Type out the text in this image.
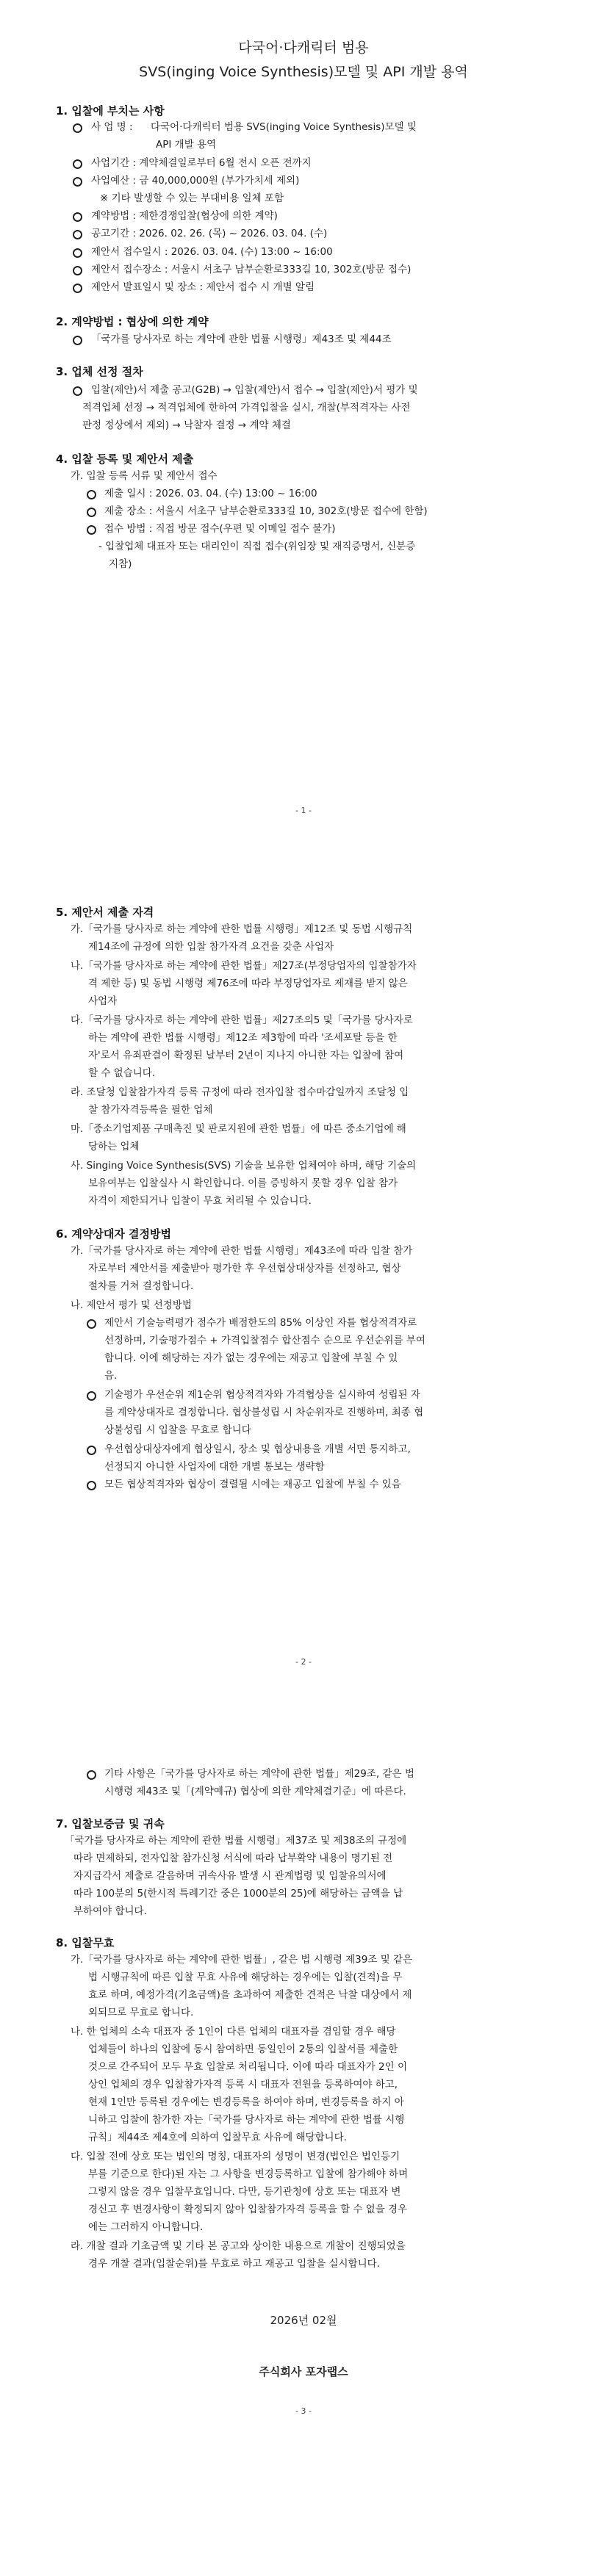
다국어·다캐릭터 범용
SVS(inging Voice Synthesis)모델 및 API 개발 용역
1. 입찰에 부치는 사항
사 업 명 : 다국어·다캐릭터 범용 SVS(inging Voice Synthesis)모델 및
API 개발 용역
사업기간 : 계약체결일로부터 6월 전시 오픈 전까지
사업예산 : 금 40,000,000원 (부가가치세 제외)
※ 기타 발생할 수 있는 부대비용 일체 포함
계약방법 : 제한경쟁입찰(협상에 의한 계약)
공고기간 : 2026. 02. 26. (목) ~ 2026. 03. 04. (수)
제안서 접수일시 : 2026. 03. 04. (수) 13:00 ~ 16:00
제안서 접수장소 : 서울시 서초구 남부순환로333길 10, 302호(방문 접수)
제안서 발표일시 및 장소 : 제안서 접수 시 개별 알림
2. 계약방법 : 협상에 의한 계약
「국가를 당사자로 하는 계약에 관한 법률 시행령」제43조 및 제44조
3. 업체 선정 절차
입찰(제안)서 제출 공고(G2B) → 입찰(제안)서 접수 → 입찰(제안)서 평가 및
적격업체 선정 → 적격업체에 한하여 가격입찰을 실시, 개찰(부적격자는 사전
판정 정상에서 제외) → 낙찰자 결정 → 계약 체결
4. 입찰 등록 및 제안서 제출
가. 입찰 등록 서류 및 제안서 접수
제출 일시 : 2026. 03. 04. (수) 13:00 ~ 16:00
제출 장소 : 서울시 서초구 남부순환로333길 10, 302호(방문 접수에 한함)
접수 방법 : 직접 방문 접수(우편 및 이메일 접수 불가)
- 입찰업체 대표자 또는 대리인이 직접 접수(위임장 및 재직증명서, 신분증
지참)
- 1 -
5. 제안서 제출 자격
가.「국가를 당사자로 하는 계약에 관한 법률 시행령」제12조 및 동법 시행규칙
제14조에 규정에 의한 입찰 참가자격 요건을 갖춘 사업자
나.「국가를 당사자로 하는 계약에 관한 법률」제27조(부정당업자의 입찰참가자
격 제한 등) 및 동법 시행령 제76조에 따라 부정당업자로 제재를 받지 않은
사업자
다.「국가를 당사자로 하는 계약에 관한 법률」제27조의5 및「국가를 당사자로
하는 계약에 관한 법률 시행령」제12조 제3항에 따라 '조세포탈 등을 한
자'로서 유죄판결이 확정된 날부터 2년이 지나지 아니한 자는 입찰에 참여
할 수 없습니다.
라. 조달청 입찰참가자격 등록 규정에 따라 전자입찰 접수마감일까지 조달청 입
찰 참가자격등록을 필한 업체
마.「중소기업제품 구매촉진 및 판로지원에 관한 법률」에 따른 중소기업에 해
당하는 업체
사. Singing Voice Synthesis(SVS) 기술을 보유한 업체여야 하며, 해당 기술의
보유여부는 입찰실사 시 확인합니다. 이를 증빙하지 못할 경우 입찰 참가
자격이 제한되거나 입찰이 무효 처리될 수 있습니다.
6. 계약상대자 결정방법
가.「국가를 당사자로 하는 계약에 관한 법률 시행령」제43조에 따라 입찰 참가
자로부터 제안서를 제출받아 평가한 후 우선협상대상자를 선정하고, 협상
절차를 거쳐 결정합니다.
나. 제안서 평가 및 선정방법
제안서 기술능력평가 점수가 배점한도의 85% 이상인 자를 협상적격자로
선정하며, 기술평가점수 + 가격입찰점수 합산점수 순으로 우선순위를 부여
합니다. 이에 해당하는 자가 없는 경우에는 재공고 입찰에 부칠 수 있
음.
기술평가 우선순위 제1순위 협상적격자와 가격협상을 실시하여 성립된 자
를 계약상대자로 결정합니다. 협상불성립 시 차순위자로 진행하며, 최종 협
상불성립 시 입찰을 무효로 합니다
우선협상대상자에게 협상일시, 장소 및 협상내용을 개별 서면 통지하고,
선정되지 아니한 사업자에 대한 개별 통보는 생략함
모든 협상적격자와 협상이 결렬될 시에는 재공고 입찰에 부칠 수 있음
- 2 -
기타 사항은「국가를 당사자로 하는 계약에 관한 법률」제29조, 같은 법
시행령 제43조 및「(계약예규) 협상에 의한 계약체결기준」에 따른다.
7. 입찰보증금 및 귀속
「국가를 당사자로 하는 계약에 관한 법률 시행령」제37조 및 제38조의 규정에
따라 면제하되, 전자입찰 참가신청 서식에 따라 납부확약 내용이 명기된 전
자지급각서 제출로 갈음하며 귀속사유 발생 시 관계법령 및 입찰유의서에
따라 100분의 5(한시적 특례기간 중은 1000분의 25)에 해당하는 금액을 납
부하여야 합니다.
8. 입찰무효
가.「국가를 당사자로 하는 계약에 관한 법률」, 같은 법 시행령 제39조 및 같은
법 시행규칙에 따른 입찰 무효 사유에 해당하는 경우에는 입찰(견적)을 무
효로 하며, 예정가격(기초금액)을 초과하여 제출한 견적은 낙찰 대상에서 제
외되므로 무효로 합니다.
나. 한 업체의 소속 대표자 중 1인이 다른 업체의 대표자를 겸임할 경우 해당
업체들이 하나의 입찰에 동시 참여하면 동일인이 2통의 입찰서를 제출한
것으로 간주되어 모두 무효 입찰로 처리됩니다. 이에 따라 대표자가 2인 이
상인 업체의 경우 입찰참가자격 등록 시 대표자 전원을 등록하여야 하고,
현재 1인만 등록된 경우에는 변경등록을 하여야 하며, 변경등록을 하지 아
니하고 입찰에 참가한 자는「국가를 당사자로 하는 계약에 관한 법률 시행
규칙」제44조 제4호에 의하여 입찰무효 사유에 해당합니다.
다. 입찰 전에 상호 또는 법인의 명칭, 대표자의 성명이 변경(법인은 법인등기
부를 기준으로 한다)된 자는 그 사항을 변경등록하고 입찰에 참가해야 하며
그렇지 않을 경우 입찰무효입니다. 다만, 등기관청에 상호 또는 대표자 변
경신고 후 변경사항이 확정되지 않아 입찰참가자격 등록을 할 수 없을 경우
에는 그러하지 아니합니다.
라. 개찰 결과 기초금액 및 기타 본 공고와 상이한 내용으로 개찰이 진행되었을
경우 개찰 결과(입찰순위)를 무효로 하고 재공고 입찰을 실시합니다.
2026년 02월
주식회사 포자랩스
- 3 -
